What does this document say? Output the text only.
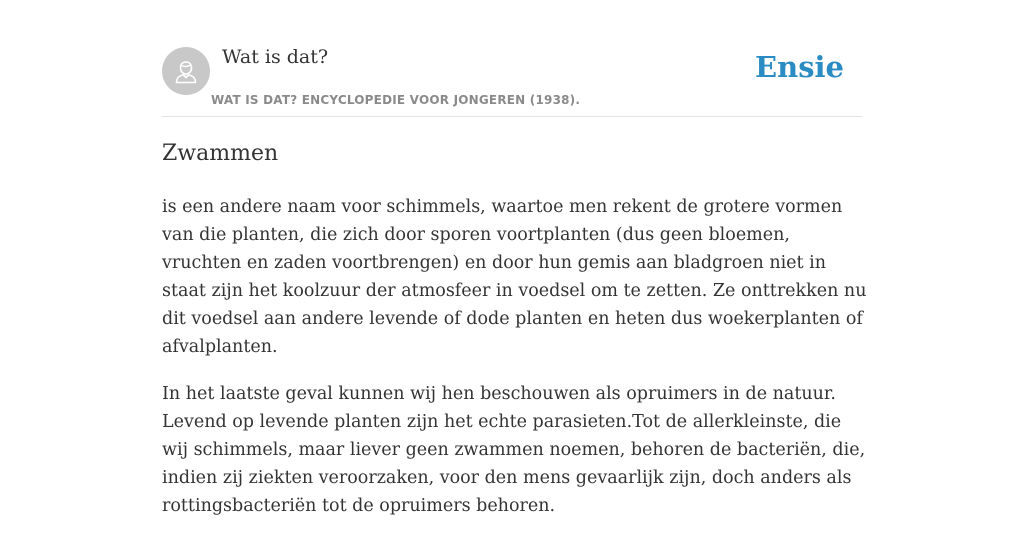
Wat is dat?
WAT IS DAT? ENCYCLOPEDIE VOOR JONGEREN (1938).
Ensie
Zwammen

is een andere naam voor schimmels, waartoe men rekent de grotere vormen van die planten, die zich door sporen voortplanten (dus geen bloemen, vruchten en zaden voortbrengen) en door hun gemis aan bladgroen niet in staat zijn het koolzuur der atmosfeer in voedsel om te zetten. Ze onttrekken nu dit voedsel aan andere levende of dode planten en heten dus woekerplanten of afvalplanten.

In het laatste geval kunnen wij hen beschouwen als opruimers in de natuur. Levend op levende planten zijn het echte parasieten.Tot de allerkleinste, die wij schimmels, maar liever geen zwammen noemen, behoren de bacteriën, die, indien zij ziekten veroorzaken, voor den mens gevaarlijk zijn, doch anders als rottingsbacteriën tot de opruimers behoren.
